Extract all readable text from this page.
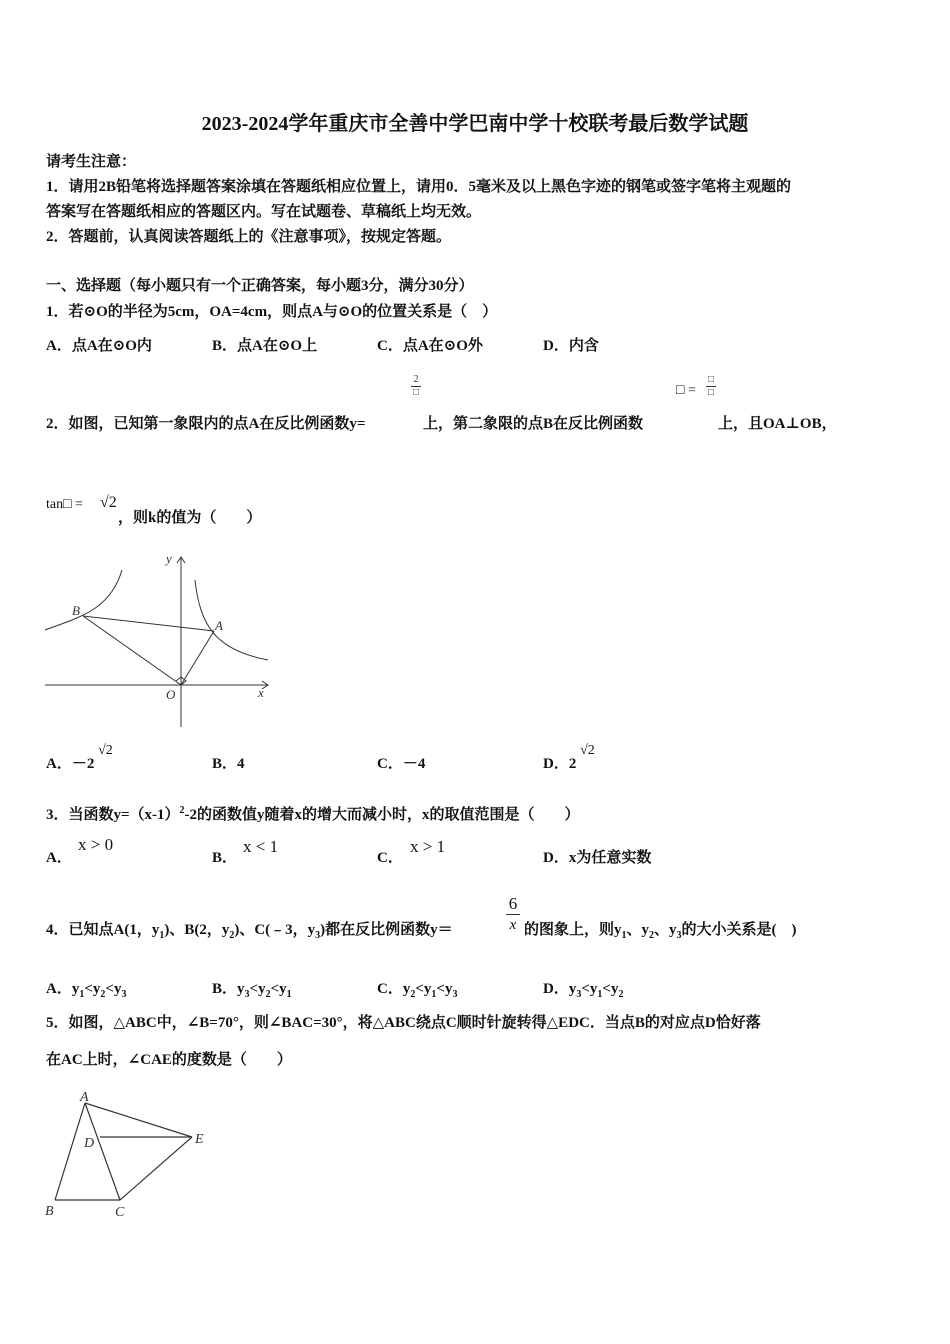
2023-2024学年重庆市全善中学巴南中学十校联考最后数学试题
请考生注意：
1．请用2B铅笔将选择题答案涂填在答题纸相应位置上，请用0．5毫米及以上黑色字迹的钢笔或签字笔将主观题的
答案写在答题纸相应的答题区内。写在试题卷、草稿纸上均无效。
2．答题前，认真阅读答题纸上的《注意事项》，按规定答题。
一、选择题（每小题只有一个正确答案，每小题3分，满分30分）
1．若⊙O的半径为5cm，OA=4cm，则点A与⊙O的位置关系是（　）
A．点A在⊙O内	B．点A在⊙O上	C．点A在⊙O外	D．内含
2
□	□ =
□
□
2．如图，已知第一象限内的点A在反比例函数y=	上，第二象限的点B在反比例函数	上，且OA⊥OB，
tan□ = √2
，则k的值为（　　）
y
x
O
A
B
A．－2 √2
B．4	C．－4	D．2 √2
3．当函数$y=(x-1)^2-2$的函数值y随着x的增大而减小时，x的取值范围是（　　）
A．
x > 0
B．
x < 1
C．
x > 1
D．x为任意实数
4．已知点A(1，$y_1$)、B(2，$y_2$)、C(﹣3，$y_3$)都在反比例函数y＝
6
x 的图象上，则$y_1$、$y_2$、$y_3$的大小关系是(　)
A．$y_1<y_2<y_3$	B．$y_3<y_2<y_1$	C．$y_2<y_1<y_3$	D．$y_3<y_1<y_2$
5．如图，△ABC中，∠B=70°，则∠BAC=30°，将△ABC绕点C顺时针旋转得△EDC．当点B的对应点D恰好落
在AC上时，∠CAE的度数是（　　）
A
B	C
D	E
